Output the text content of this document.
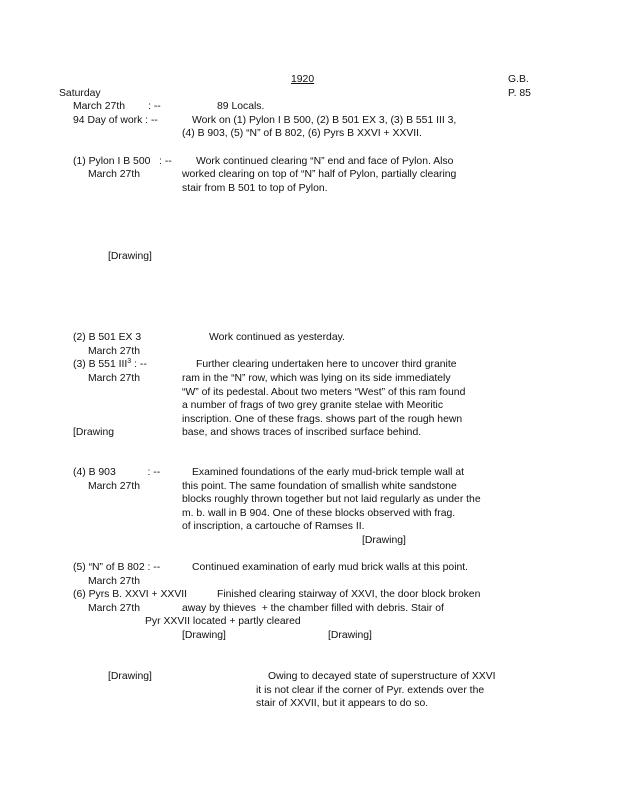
1920	G.B.
Saturday	P. 85
March 27th        : --	89 Locals.
94 Day of work : --	Work on (1) Pylon I B 500, (2) B 501 EX 3, (3) B 551 III 3,
(4) B 903, (5) “N” of B 802, (6) Pyrs B XXVI + XXVII.
(1) Pylon I B 500   : --
March 27th
Work continued clearing “N” end and face of Pylon. Also
worked clearing on top of “N” half of Pylon, partially clearing
stair from B 501 to top of Pylon.
[Drawing]
(2) B 501 EX 3
March 27th
Work continued as yesterday.
(3) B 551 III$^3$ : --
March 27th
Further clearing undertaken here to uncover third granite
ram in the “N” row, which was lying on its side immediately
“W” of its pedestal. About two meters “West” of this ram found
a number of frags of two grey granite stelae with Meoritic
inscription. One of these frags. shows part of the rough hewn
base, and shows traces of inscribed surface behind.
[Drawing
(4) B 903           : --
March 27th
Examined foundations of the early mud-brick temple wall at
this point. The same foundation of smallish white sandstone
blocks roughly thrown together but not laid regularly as under the
m. b. wall in B 904. One of these blocks observed with frag.
of inscription, a cartouche of Ramses II.
[Drawing]
(5) “N” of B 802 : --
March 27th
Continued examination of early mud brick walls at this point.
(6) Pyrs B. XXVI + XXVII
March 27th
Finished clearing stairway of XXVI, the door block broken
away by thieves  + the chamber filled with debris. Stair of
Pyr XXVII located + partly cleared
[Drawing]	[Drawing]
[Drawing]	Owing to decayed state of superstructure of XXVI
it is not clear if the corner of Pyr. extends over the
stair of XXVII, but it appears to do so.
